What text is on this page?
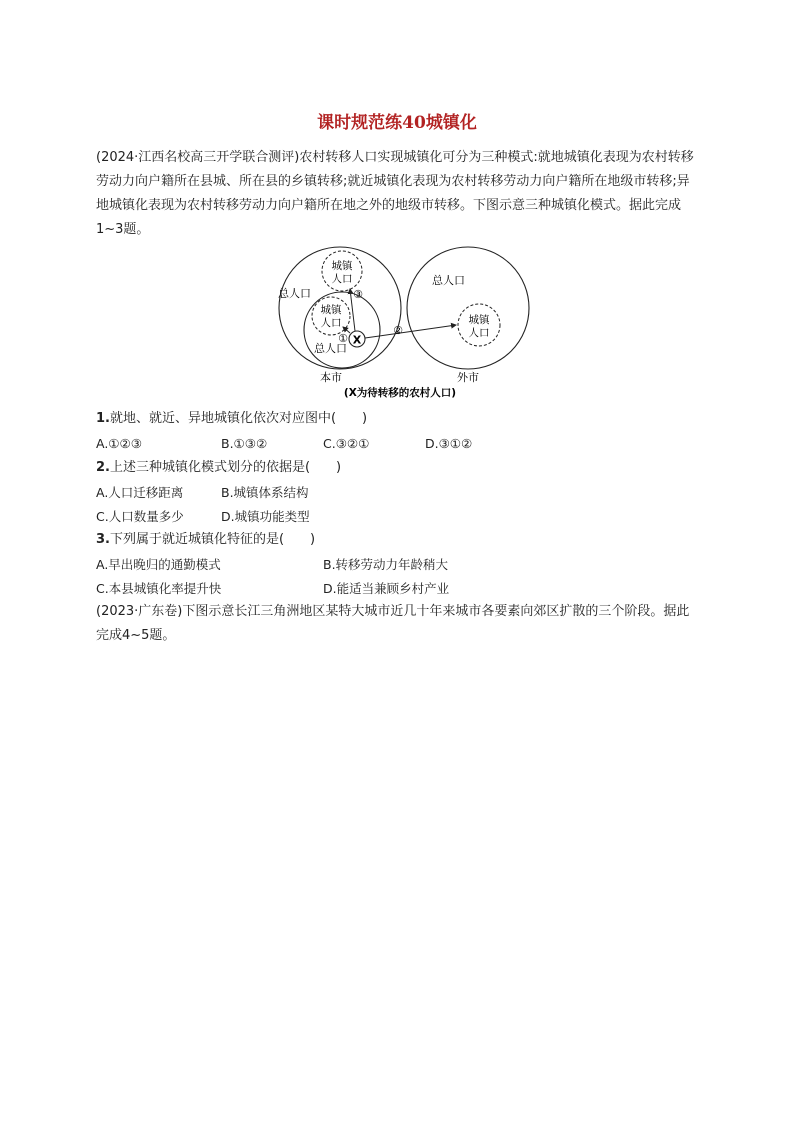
课时规范练40城镇化
(2024·江西名校高三开学联合测评)农村转移人口实现城镇化可分为三种模式:就地城镇化表现为农村转移劳动力向户籍所在县城、所在县的乡镇转移;就近城镇化表现为农村转移劳动力向户籍所在地级市转移;异地城镇化表现为农村转移劳动力向户籍所在地之外的地级市转移。下图示意三种城镇化模式。据此完成1~3题。
X
总人口
总人口
总人口
城镇
人口
城镇
人口	城镇
人口
①
②
③
本市	外市
(X为待转移的农村人口)
1.就地、就近、异地城镇化依次对应图中(　　)
A.①②③	B.①③②	C.③②①	D.③①②
2.上述三种城镇化模式划分的依据是(　　)
A.人口迁移距离	B.城镇体系结构
C.人口数量多少	D.城镇功能类型
3.下列属于就近城镇化特征的是(　　)
A.早出晚归的通勤模式	B.转移劳动力年龄稍大
C.本县城镇化率提升快	D.能适当兼顾乡村产业
(2023·广东卷)下图示意长江三角洲地区某特大城市近几十年来城市各要素向郊区扩散的三个阶段。据此完成4~5题。
